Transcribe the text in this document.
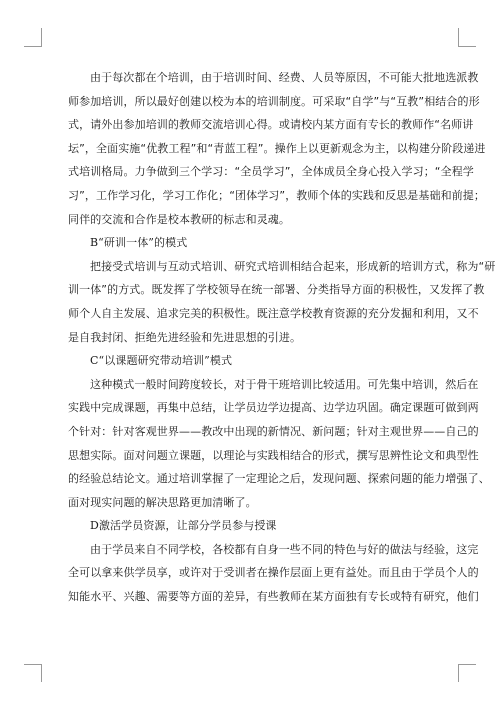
由于每次都在个培训，由于培训时间、经费、人员等原因，不可能大批地选派教
师参加培训，所以最好创建以校为本的培训制度。可采取“自学”与“互教”相结合的形
式，请外出参加培训的教师交流培训心得。或请校内某方面有专长的教师作“名师讲
坛”，全面实施“优教工程”和“青蓝工程”。操作上以更新观念为主，以构建分阶段递进
式培训格局。力争做到三个学习：“全员学习”，全体成员全身心投入学习；“全程学
习”，工作学习化，学习工作化；“团体学习”，教师个体的实践和反思是基础和前提；
同伴的交流和合作是校本教研的标志和灵魂。
B“研训一体”的模式
把接受式培训与互动式培训、研究式培训相结合起来，形成新的培训方式，称为“研
训一体”的方式。既发挥了学校领导在统一部署、分类指导方面的积极性，又发挥了教
师个人自主发展、追求完美的积极性。既注意学校教育资源的充分发掘和利用，又不
是自我封闭、拒绝先进经验和先进思想的引进。
C“以课题研究带动培训”模式
这种模式一般时间跨度较长，对于骨干班培训比较适用。可先集中培训，然后在
实践中完成课题，再集中总结，让学员边学边提高、边学边巩固。确定课题可做到两
个针对：针对客观世界——教改中出现的新情况、新问题；针对主观世界——自己的
思想实际。面对问题立课题，以理论与实践相结合的形式，撰写思辨性论文和典型性
的经验总结论文。通过培训掌握了一定理论之后，发现问题、探索问题的能力增强了、
面对现实问题的解决思路更加清晰了。
D激活学员资源，让部分学员参与授课
由于学员来自不同学校，各校都有自身一些不同的特色与好的做法与经验，这完
全可以拿来供学员享，或许对于受训者在操作层面上更有益处。而且由于学员个人的
知能水平、兴趣、需要等方面的差异，有些教师在某方面独有专长或特有研究，他们
